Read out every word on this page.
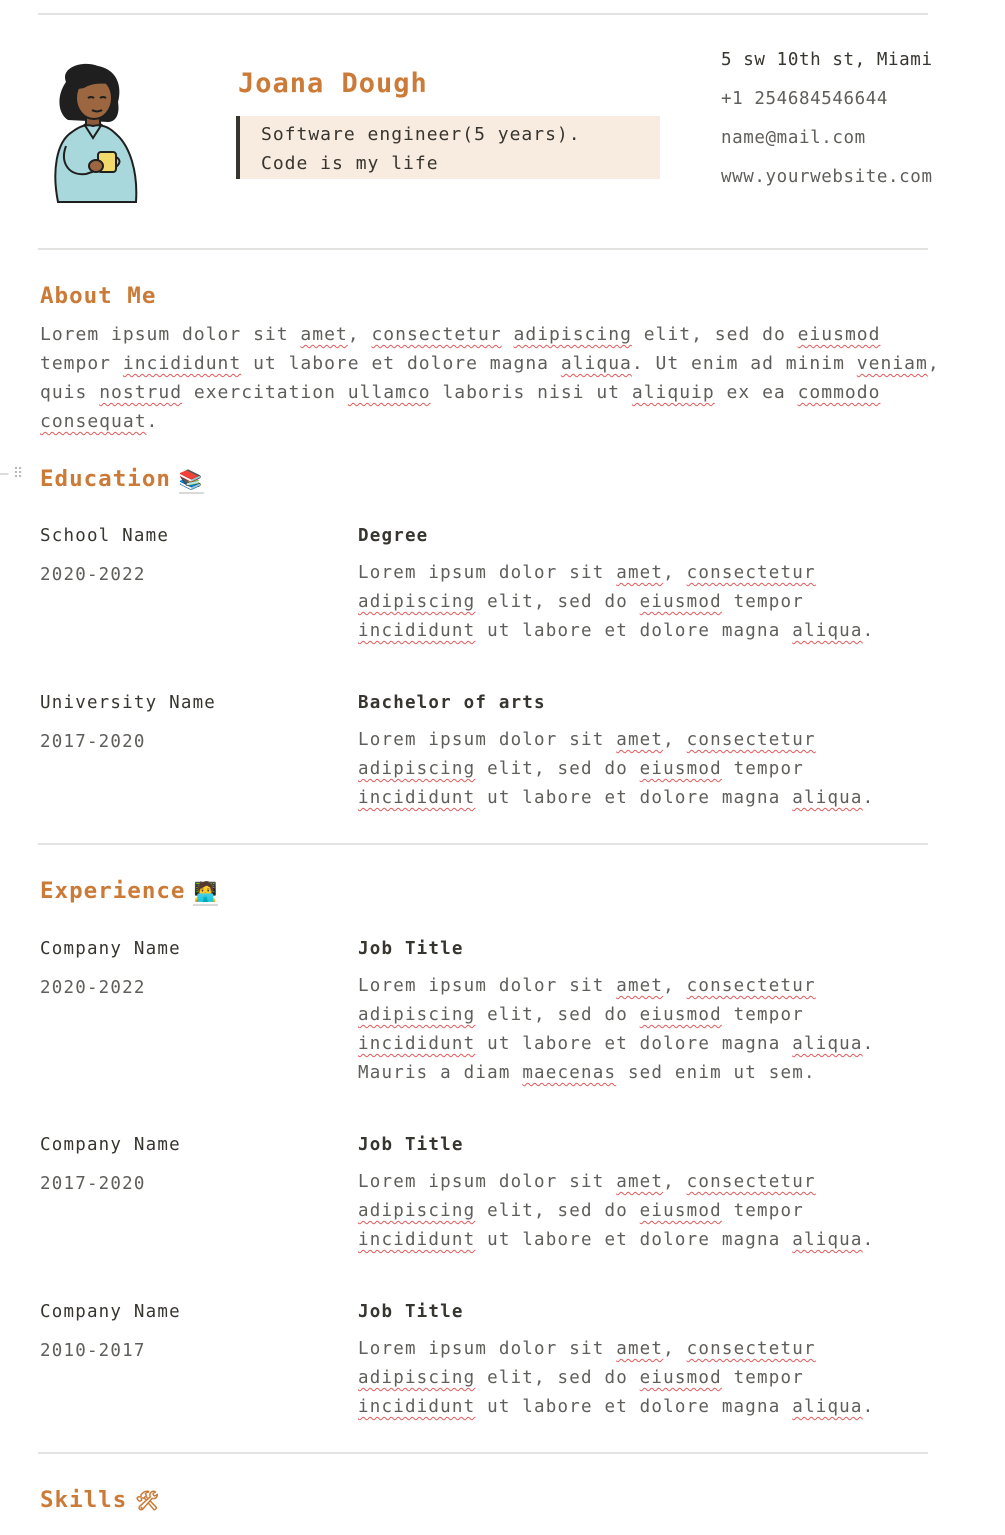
Joana Dough
Software engineer(5 years).
Code is my life
5 sw 10th st, Miami
+1 254684546644
name@mail.com
www.yourwebsite.com
About Me
Lorem ipsum dolor sit amet, consectetur adipiscing elit, sed do eiusmod tempor incididunt ut labore et dolore magna aliqua. Ut enim ad minim veniam, quis nostrud exercitation ullamco laboris nisi ut aliquip ex ea commodo consequat.
– ⠿ Education 📚
School Name
2020-2022
Degree
Lorem ipsum dolor sit amet, consectetur
adipiscing elit, sed do eiusmod tempor
incididunt ut labore et dolore magna aliqua.
University Name
2017-2020
Bachelor of arts
Lorem ipsum dolor sit amet, consectetur
adipiscing elit, sed do eiusmod tempor
incididunt ut labore et dolore magna aliqua.
Experience 🧑‍💻
Company Name
2020-2022
Job Title
Lorem ipsum dolor sit amet, consectetur
adipiscing elit, sed do eiusmod tempor
incididunt ut labore et dolore magna aliqua.
Mauris a diam maecenas sed enim ut sem.
Company Name
2017-2020
Job Title
Lorem ipsum dolor sit amet, consectetur
adipiscing elit, sed do eiusmod tempor
incididunt ut labore et dolore magna aliqua.
Company Name
2010-2017
Job Title
Lorem ipsum dolor sit amet, consectetur
adipiscing elit, sed do eiusmod tempor
incididunt ut labore et dolore magna aliqua.
Skills 🛠
